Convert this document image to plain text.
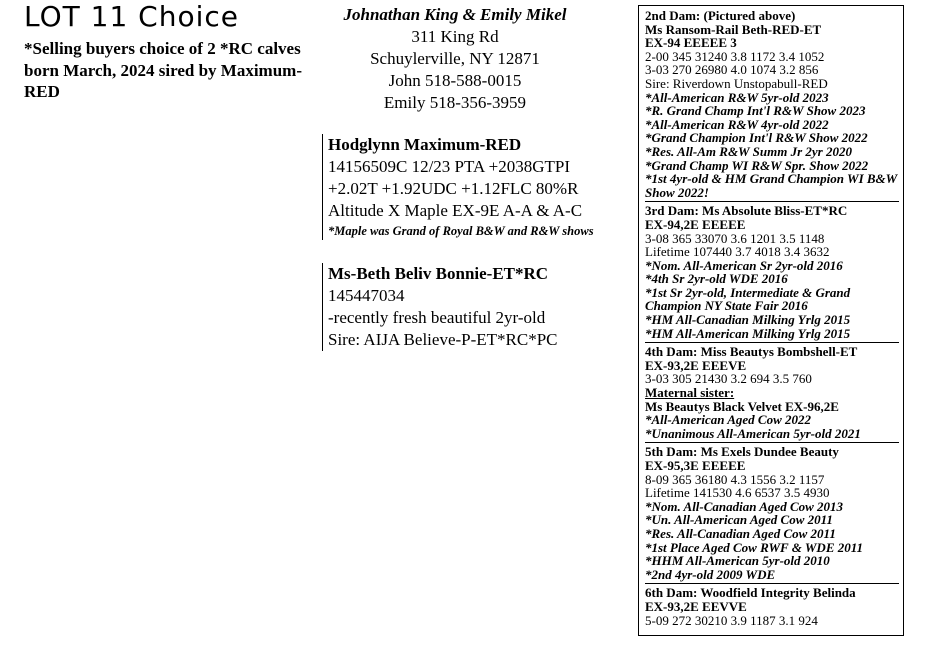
LOT 11 Choice
*Selling buyers choice of 2 *RC calves born March, 2024 sired by Maximum-RED
Johnathan King & Emily Mikel
311 King Rd
Schuylerville, NY 12871
John 518-588-0015
Emily 518-356-3959
Hodglynn Maximum-RED
14156509C 12/23 PTA +2038GTPI
+2.02T +1.92UDC +1.12FLC 80%R
Altitude X Maple EX-9E A-A & A-C
*Maple was Grand of Royal B&W and R&W shows
Ms-Beth Beliv Bonnie-ET*RC
145447034
-recently fresh beautiful 2yr-old
Sire: AIJA Believe-P-ET*RC*PC
2nd Dam: (Pictured above)
Ms Ransom-Rail Beth-RED-ET
EX-94 EEEEE 3
2-00 345 31240 3.8 1172 3.4 1052
3-03 270 26980 4.0 1074 3.2 856
Sire: Riverdown Unstopabull-RED
*All-American R&W 5yr-old 2023
*R. Grand Champ Int'l R&W Show 2023
*All-American R&W 4yr-old 2022
*Grand Champion Int'l R&W Show 2022
*Res. All-Am R&W Summ Jr 2yr 2020
*Grand Champ WI R&W Spr. Show 2022
*1st 4yr-old & HM Grand Champion WI B&W Show 2022!
3rd Dam: Ms Absolute Bliss-ET*RC
EX-94,2E EEEEE
3-08 365 33070 3.6 1201 3.5 1148
Lifetime 107440 3.7 4018 3.4 3632
*Nom. All-American Sr 2yr-old 2016
*4th Sr 2yr-old WDE 2016
*1st Sr 2yr-old, Intermediate & Grand Champion NY State Fair 2016
*HM All-Canadian Milking Yrlg 2015
*HM All-American Milking Yrlg 2015
4th Dam: Miss Beautys Bombshell-ET
EX-93,2E EEEVE
3-03 305 21430 3.2 694 3.5 760
Maternal sister:
Ms Beautys Black Velvet EX-96,2E
*All-American Aged Cow 2022
*Unanimous All-American 5yr-old 2021
5th Dam: Ms Exels Dundee Beauty
EX-95,3E EEEEE
8-09 365 36180 4.3 1556 3.2 1157
Lifetime 141530 4.6 6537 3.5 4930
*Nom. All-Canadian Aged Cow 2013
*Un. All-American Aged Cow 2011
*Res. All-Canadian Aged Cow 2011
*1st Place Aged Cow RWF & WDE 2011
*HHM All-American 5yr-old 2010
*2nd 4yr-old 2009 WDE
6th Dam: Woodfield Integrity Belinda
EX-93,2E EEVVE
5-09 272 30210 3.9 1187 3.1 924
